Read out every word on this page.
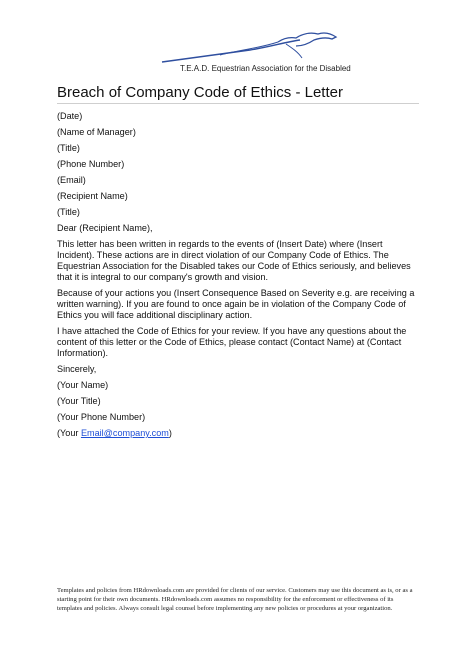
T.E.A.D. Equestrian Association for the Disabled
Breach of Company Code of Ethics - Letter

(Date)

(Name of Manager)

(Title)

(Phone Number)

(Email)

(Recipient Name)

(Title)

Dear (Recipient Name),

This letter has been written in regards to the events of (Insert Date) where (Insert Incident). These actions are in direct violation of our Company Code of Ethics. The Equestrian Association for the Disabled takes our Code of Ethics seriously, and believes that it is integral to our company's growth and vision.

Because of your actions you (Insert Consequence Based on Severity e.g. are receiving a written warning). If you are found to once again be in violation of the Company Code of Ethics you will face additional disciplinary action.

I have attached the Code of Ethics for your review. If you have any questions about the content of this letter or the Code of Ethics, please contact (Contact Name) at (Contact Information).

Sincerely,

(Your Name)

(Your Title)

(Your Phone Number)

(Your Email@company.com)

Templates and policies from HRdownloads.com are provided for clients of our service. Customers may use this document as is, or as a starting point for their own documents. HRdownloads.com assumes no responsibility for the enforcement or effectiveness of its templates and policies. Always consult legal counsel before implementing any new policies or procedures at your organization.
